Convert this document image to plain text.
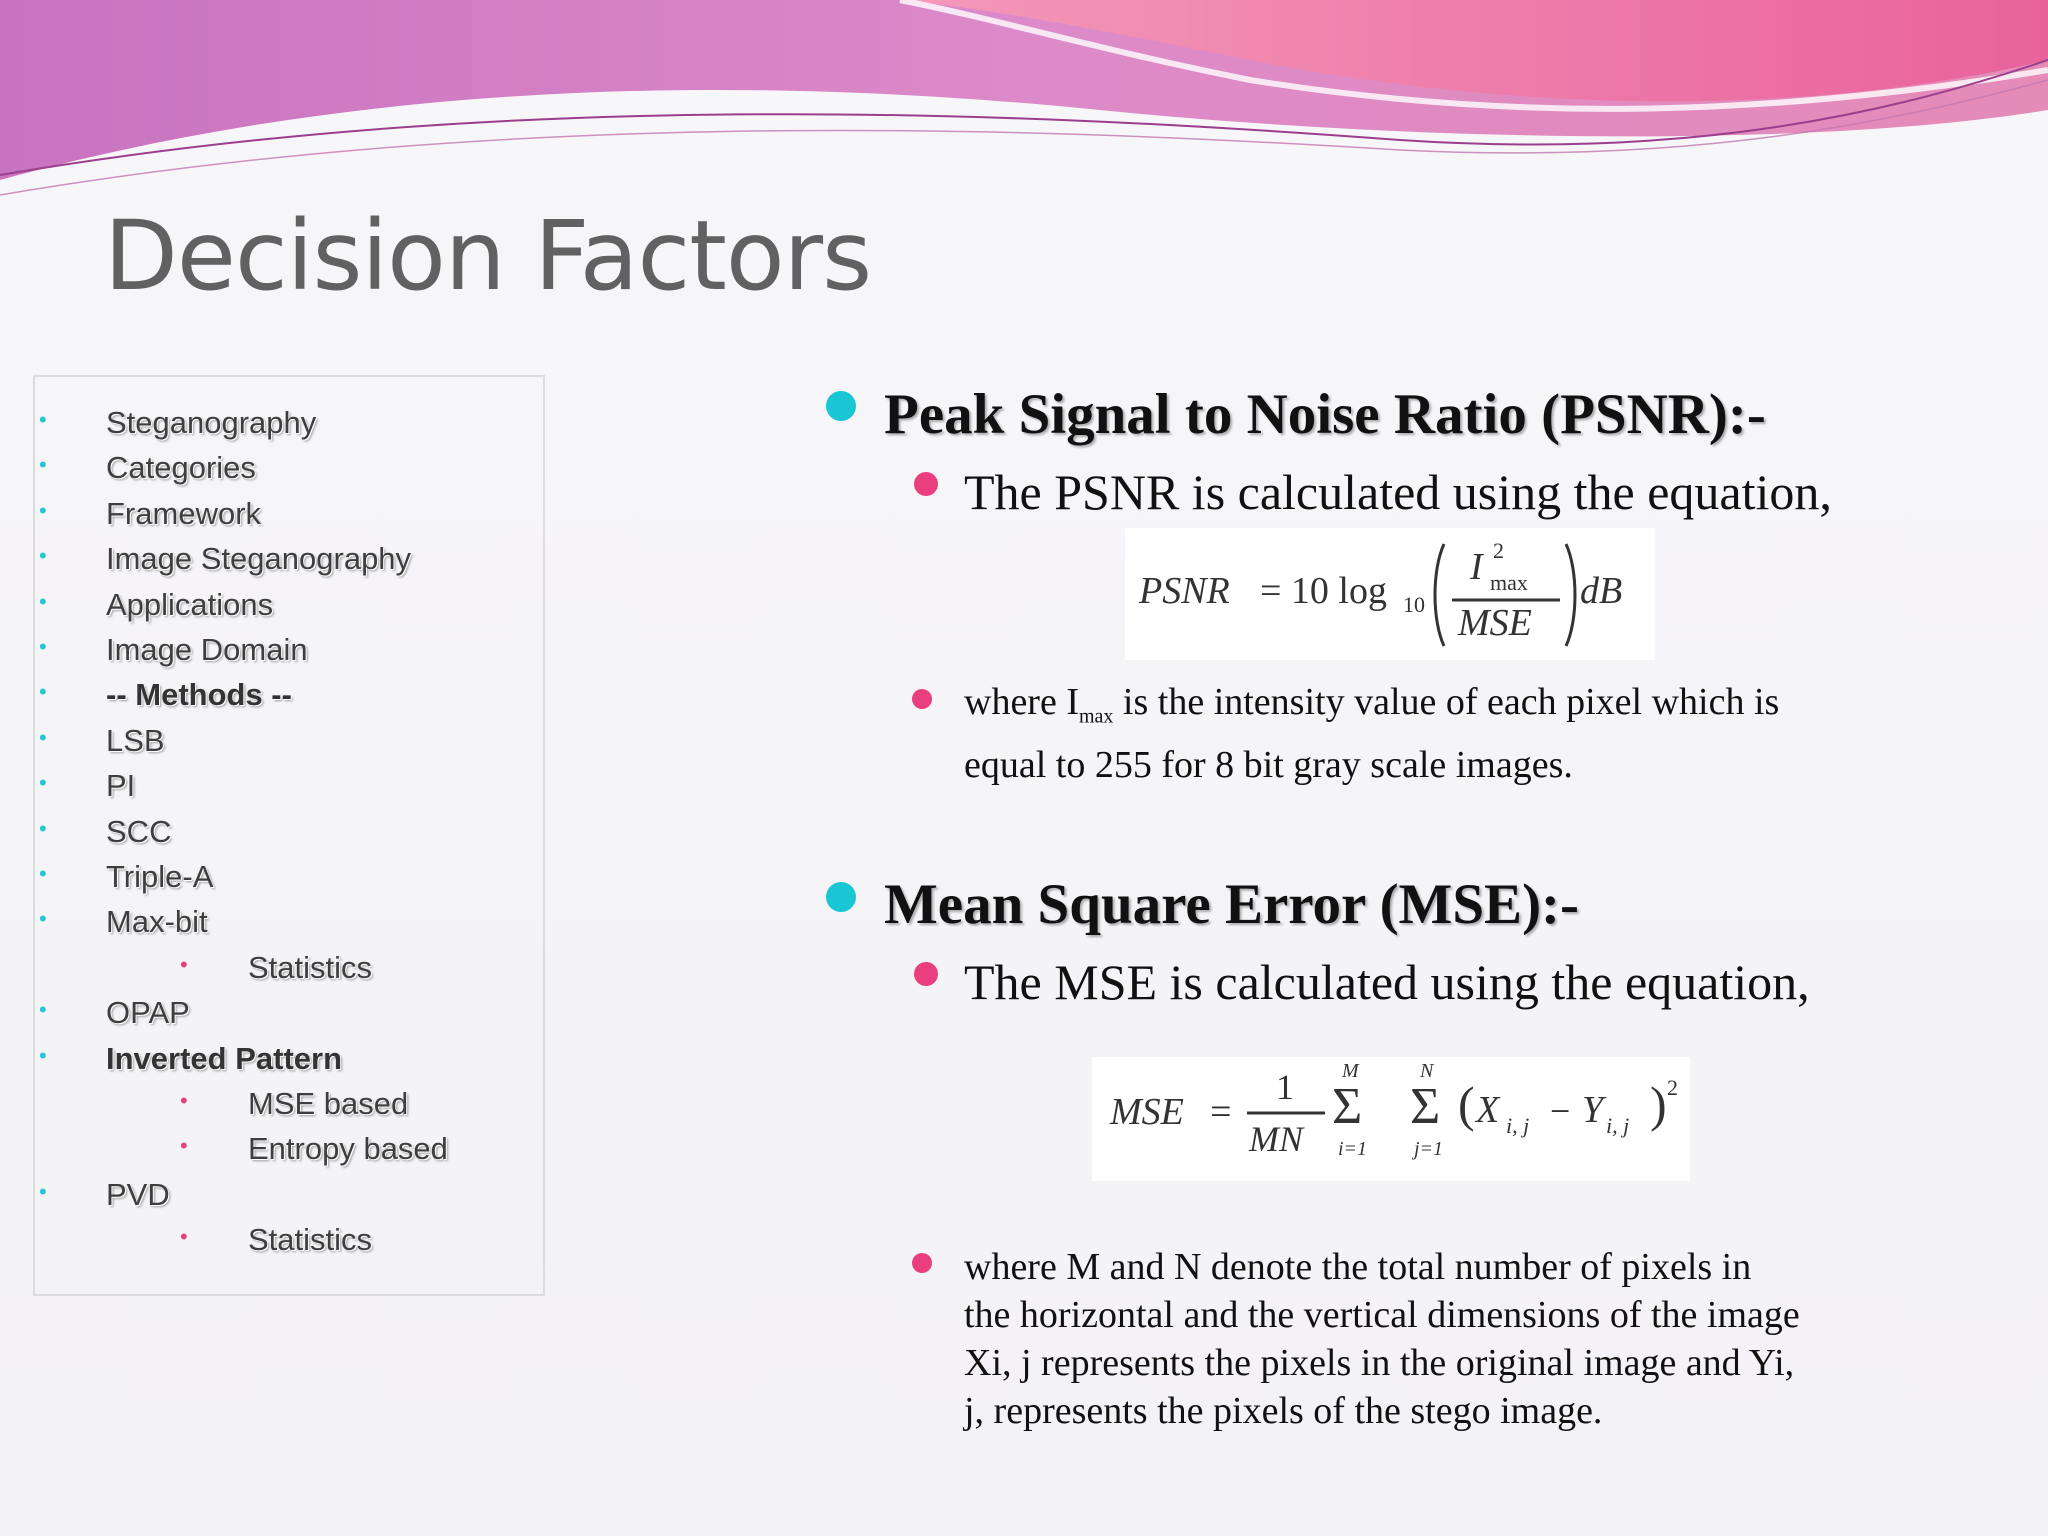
Decision Factors
• Steganography
• Categories
• Framework
• Image Steganography
• Applications
• Image Domain
• -- Methods --
• LSB
• PI
• SCC
• Triple-A
• Max-bit
• Statistics
• OPAP
• Inverted Pattern
• MSE based
• Entropy based
• PVD
• Statistics
Peak Signal to Noise Ratio (PSNR):-
The PSNR is calculated using the equation,
PSNR = 10 log 10
I 2
max
MSE
dB
where $I_{max}$ is the intensity value of each pixel which is
equal to 255 for 8 bit gray scale images.
Mean Square Error (MSE):-
The MSE is calculated using the equation,
MSE =
1
MN
M
Σ
i=1
N
Σ
j=1
( X i, j − Y i, j ) 2
where M and N denote the total number of pixels in
the horizontal and the vertical dimensions of the image
Xi, j represents the pixels in the original image and Yi,
j, represents the pixels of the stego image.
